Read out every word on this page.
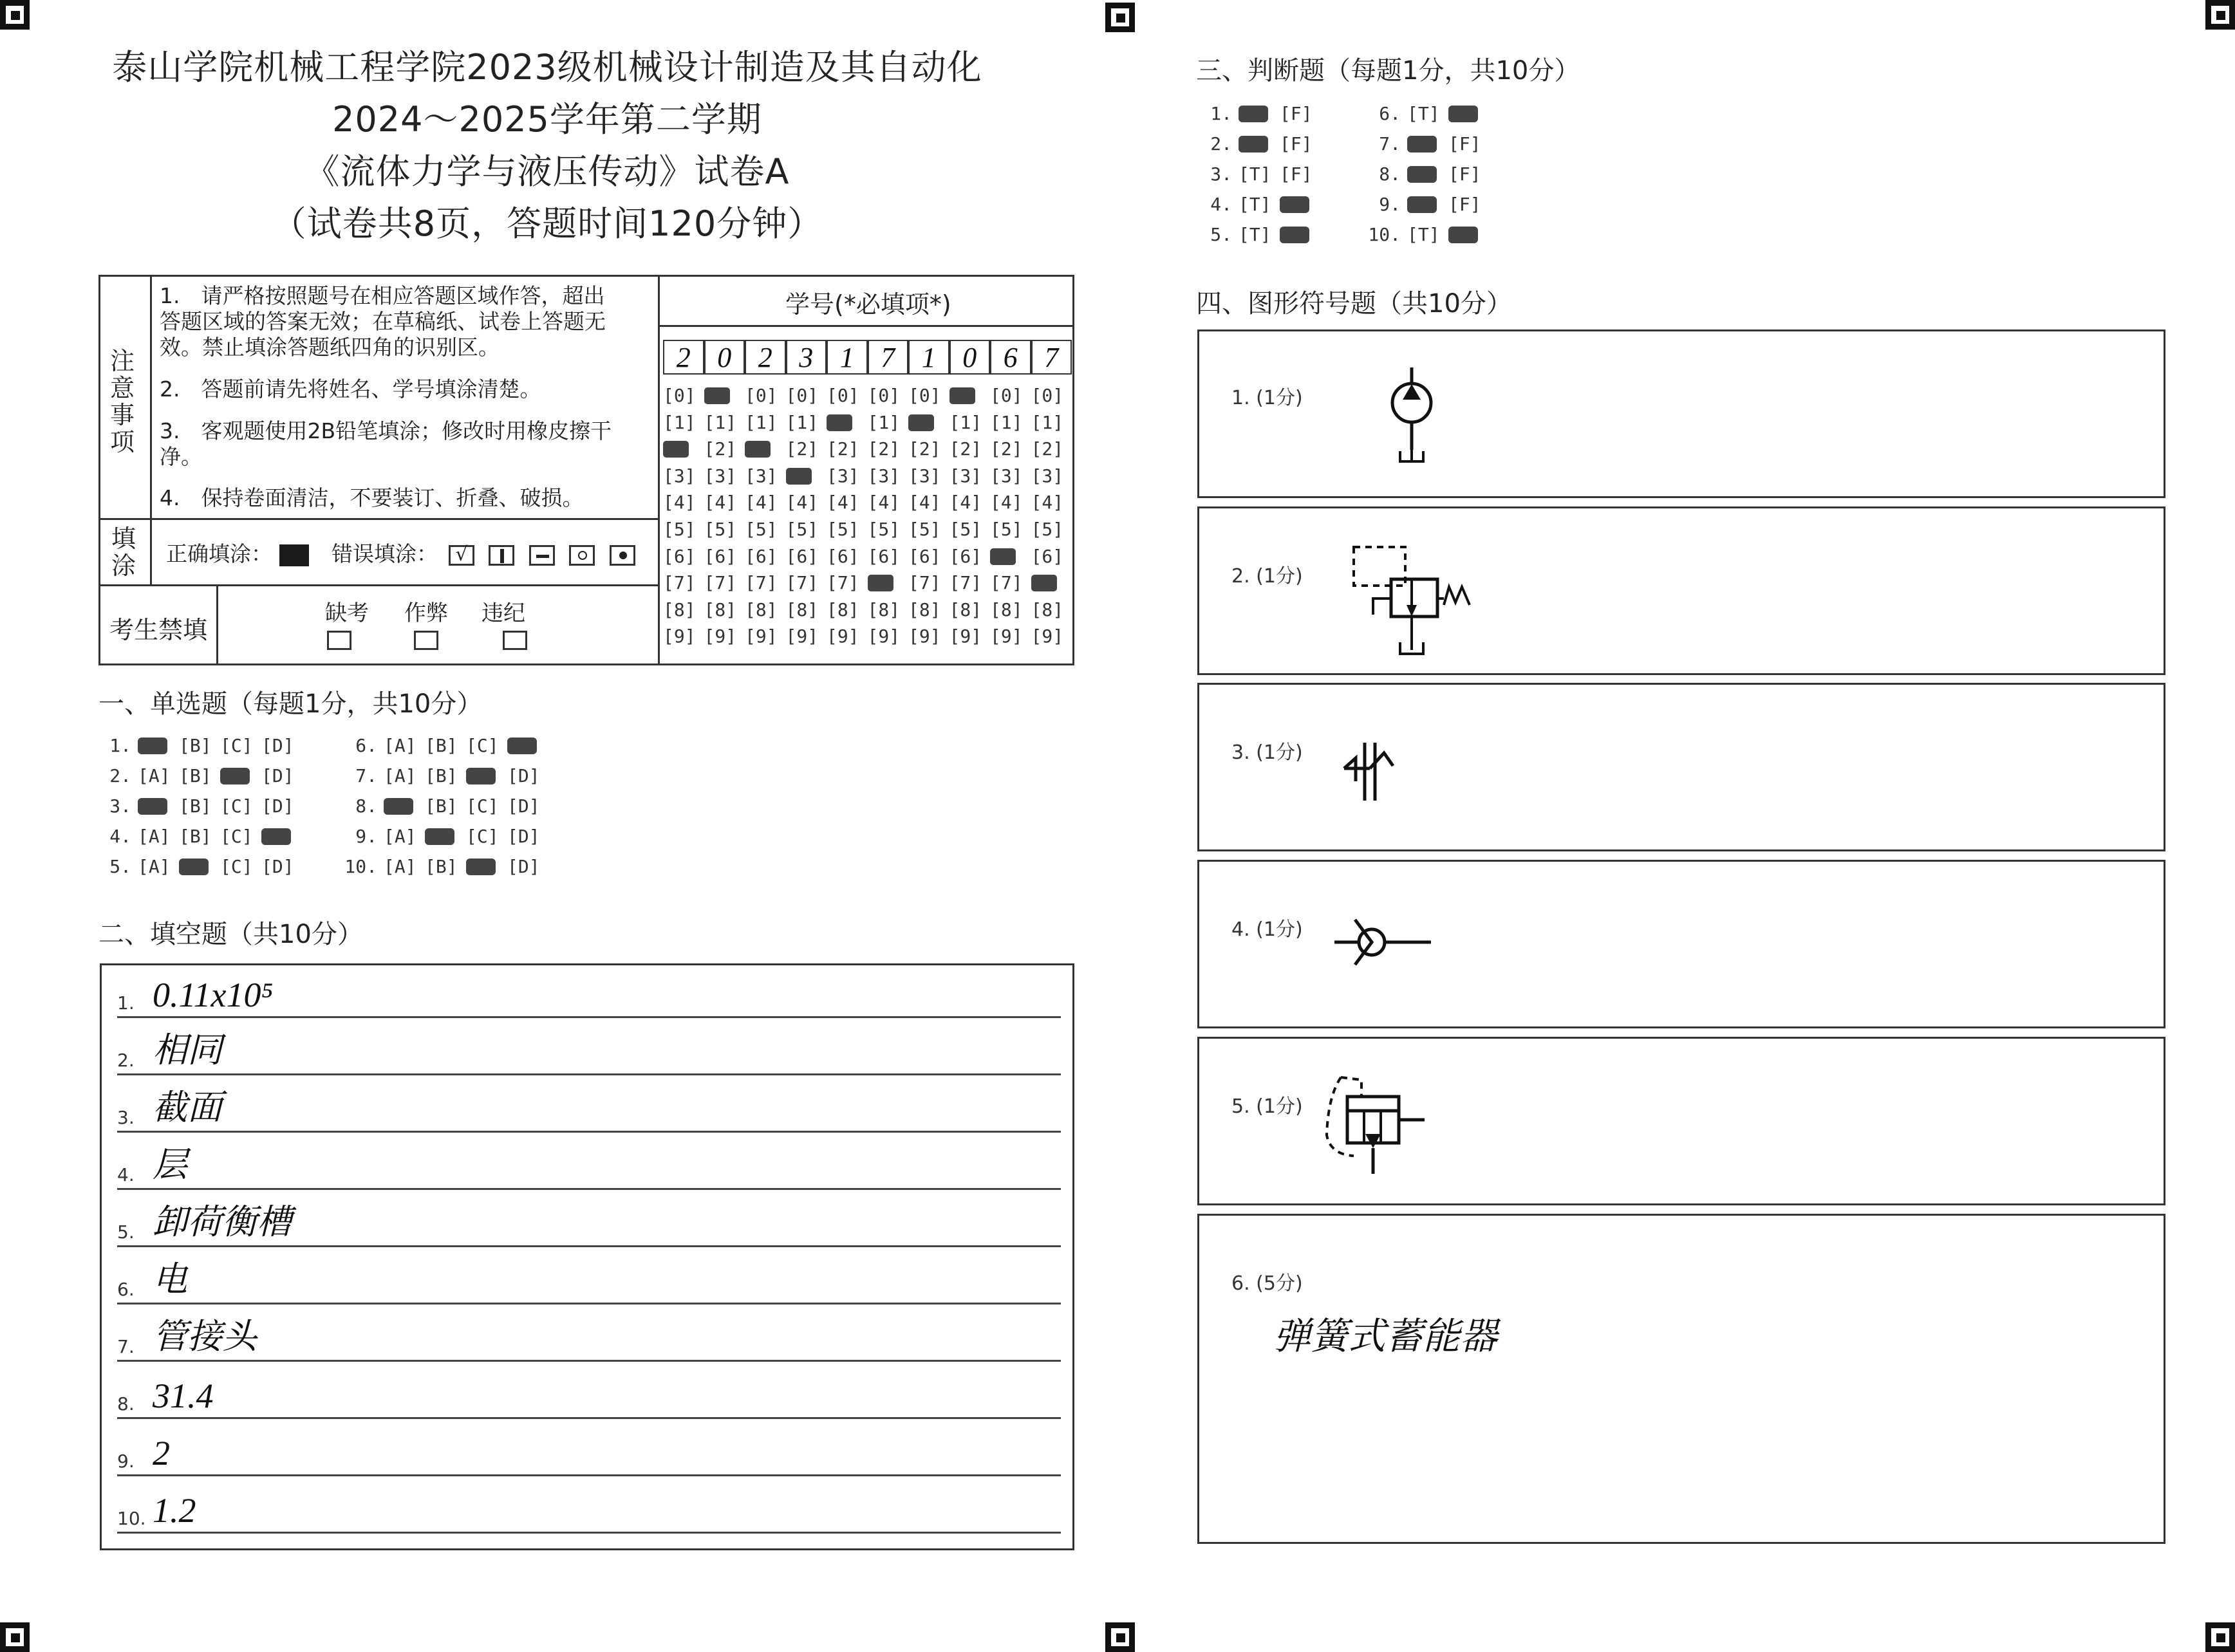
泰山学院机械工程学院2023级机械设计制造及其自动化
2024～2025学年第二学期
《流体力学与液压传动》试卷A
（试卷共8页，答题时间120分钟）
注意事项
1.　请严格按照题号在相应答题区域作答，超出答题区域的答案无效；在草稿纸、试卷上答题无效。禁止填涂答题纸四角的识别区。
2.　答题前请先将姓名、学号填涂清楚。
3.　客观题使用2B铅笔填涂；修改时用橡皮擦干净。
4.　保持卷面清洁，不要装订、折叠、破损。
填涂 正确填涂：	错误填涂： √

考生禁填
缺考 作弊 违纪
学号(*必填项*)
2 0 2 3 1 7 1 0 6 7
[0]	[0] [0] [0] [0] [0]	[0] [0]
[1] [1] [1] [1]	[1]	[1] [1] [1]
[2]	[2] [2] [2] [2] [2] [2] [2]
[3] [3] [3]	[3] [3] [3] [3] [3] [3]
[4] [4] [4] [4] [4] [4] [4] [4] [4] [4]
[5] [5] [5] [5] [5] [5] [5] [5] [5] [5]
[6] [6] [6] [6] [6] [6] [6] [6]	[6]
[7] [7] [7] [7] [7]	[7] [7] [7]
[8] [8] [8] [8] [8] [8] [8] [8] [8] [8]
[9] [9] [9] [9] [9] [9] [9] [9] [9] [9]
一、单选题（每题1分，共10分）
1.	[B] [C] [D]
2. [A] [B]	[D]
3.	[B] [C] [D]
4. [A] [B] [C]
5. [A]	[C] [D]
6. [A] [B] [C]
7. [A] [B]	[D]
8.	[B] [C] [D]
9. [A]	[C] [D]
10. [A] [B]	[D]
二、填空题（共10分）
1. 0.11x10⁵
2. 相同
3. 截面
4. 层
5. 卸荷衡槽
6. 电
7. 管接头
8. 31.4
9. 2
10. 1.2
三、判断题（每题1分，共10分）
1.	[F]
2.	[F]
3. [T] [F]
4. [T]
5. [T]
6. [T]
7.	[F]
8.	[F]
9.	[F]
10. [T]
四、图形符号题（共10分）
1. (1分)
2. (1分)
3. (1分)
4. (1分)
5. (1分)
6. (5分)
弹簧式蓄能器
